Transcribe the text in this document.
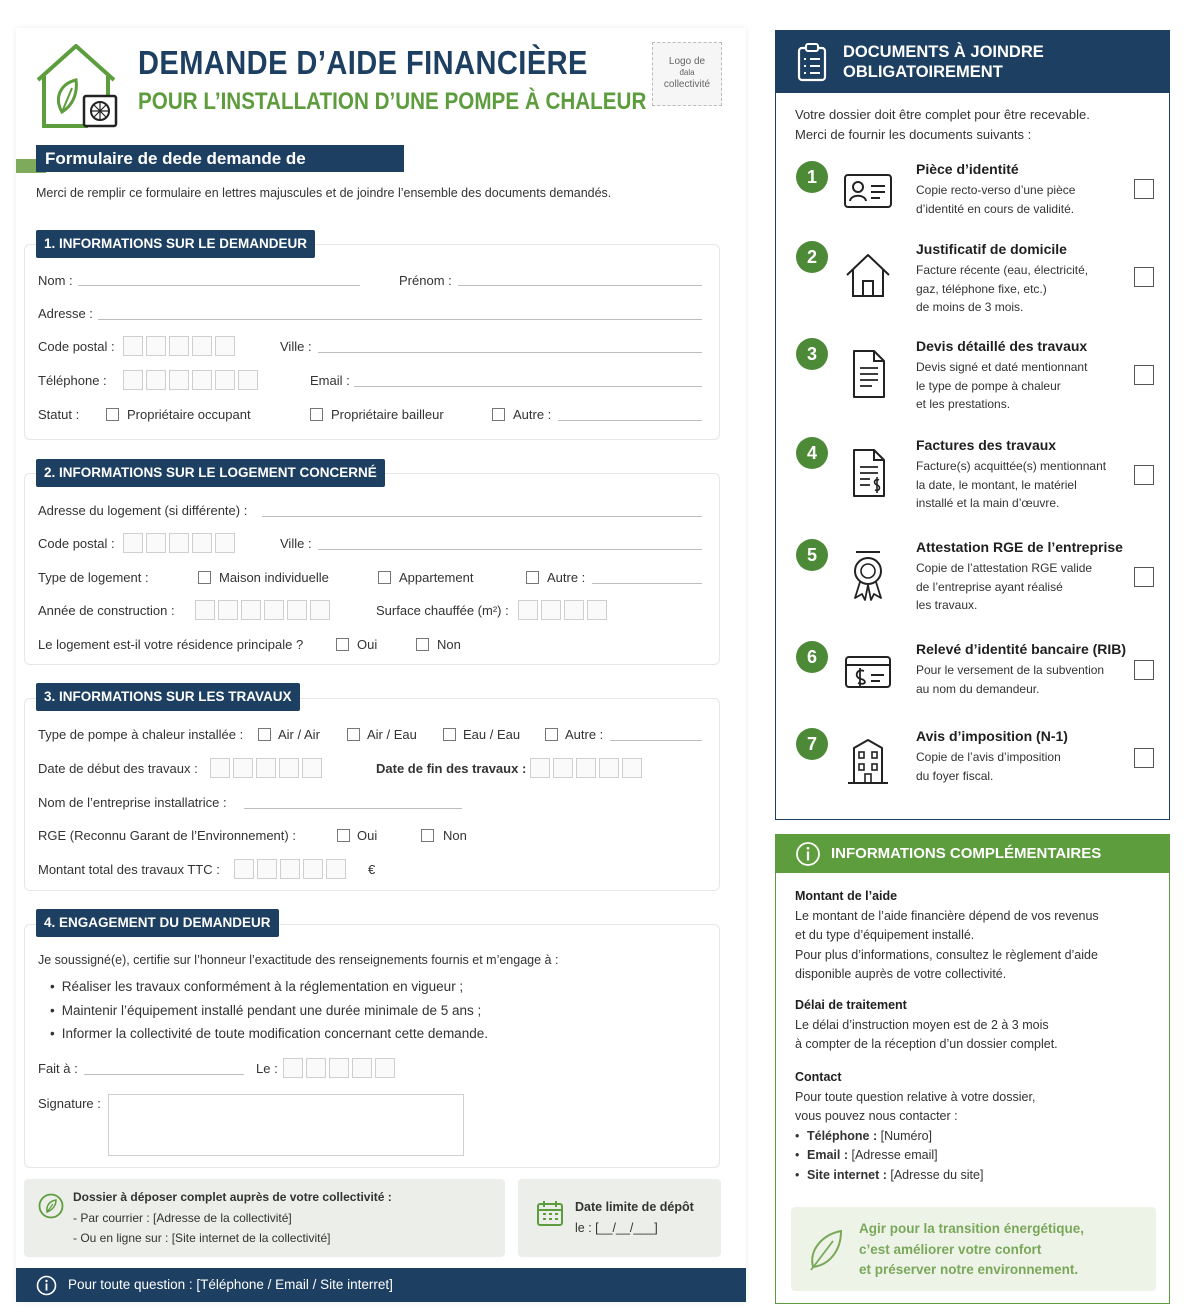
DEMANDE D’AIDE FINANCIÈRE
POUR L’INSTALLATION D’UNE POMPE À CHALEUR
Logo de
đala
collectivité
Formulaire de dede demande de subvention
Merci de remplir ce formulaire en lettres majuscules et de joindre l’ensemble des documents demandés.
1. INFORMATIONS SUR LE DEMANDEUR
Nom :	Prénom :
Adresse :
Code postal :	Ville :
Téléphone :	Email :
Statut :	Propriétaire occupant	Propriétaire bailleur	Autre :
2. INFORMATIONS SUR LE LOGEMENT CONCERNÉ
Adresse du logement (si différente) :
Code postal :	Ville :
Type de logement :	Maison individuelle	Appartement	Autre :
Année de construction :	Surface chauffée (m²) :
Le logement est-il votre résidence principale ?	Oui	Non
3. INFORMATIONS SUR LES TRAVAUX
Type de pompe à chaleur installée :	Air / Air	Air / Eau	Eau / Eau	Autre :
Date de début des travaux :	Date de fin des travaux :
Nom de l’entreprise installatrice :
RGE (Reconnu Garant de l’Environnement) :	Oui	Non
Montant total des travaux TTC :	€
4. ENGAGEMENT DU DEMANDEUR
Je soussigné(e), certifie sur l’honneur l’exactitude des renseignements fournis et m’engage à :
• Réaliser les travaux conformément à la réglementation en vigueur ;
• Maintenir l’équipement installé pendant une durée minimale de 5 ans ;
• Informer la collectivité de toute modification concernant cette demande.
Fait à :	Le :
Signature :
Dossier à déposer complet auprès de votre collectivité :
- Par courrier : [Adresse de la collectivité]
- Ou en ligne sur : [Site internet de la collectivité]
Date limite de dépôt
le : [__/__/___]
Pour toute question : [Téléphone / Email / Site interret]
DOCUMENTS À JOINDRE
OBLIGATOIREMENT
Votre dossier doit être complet pour être recevable.
Merci de fournir les documents suivants :
1	Pièce d’identité
Copie recto-verso d’une pièce
d’identité en cours de validité.
2	Justificatif de domicile
Facture récente (eau, électricité,
gaz, téléphone fixe, etc.)
de moins de 3 mois.
3	Devis détaillé des travaux
Devis signé et daté mentionnant
le type de pompe à chaleur
et les prestations.
4	Factures des travaux
Facture(s) acquittée(s) mentionnant
la date, le montant, le matériel
installé et la main d’œuvre.
5	Attestation RGE de l’entreprise
Copie de l’attestation RGE valide
de l’entreprise ayant réalisé
les travaux.
6	Relevé d’identité bancaire (RIB)
Pour le versement de la subvention
au nom du demandeur.
7	Avis d’imposition (N-1)
Copie de l’avis d’imposition
du foyer fiscal.
INFORMATIONS COMPLÉMENTAIRES
Montant de l’aide
Le montant de l’aide financière dépend de vos revenus
et du type d’équipement installé.
Pour plus d’informations, consultez le règlement d’aide
disponible auprès de votre collectivité.
Délai de traitement
Le délai d’instruction moyen est de 2 à 3 mois
à compter de la réception d’un dossier complet.
Contact
Pour toute question relative à votre dossier,
vous pouvez nous contacter :
• Téléphone : [Numéro]
• Email : [Adresse email]
• Site internet : [Adresse du site]
Agir pour la transition énergétique,
c’est améliorer votre confort
et préserver notre environnement.
